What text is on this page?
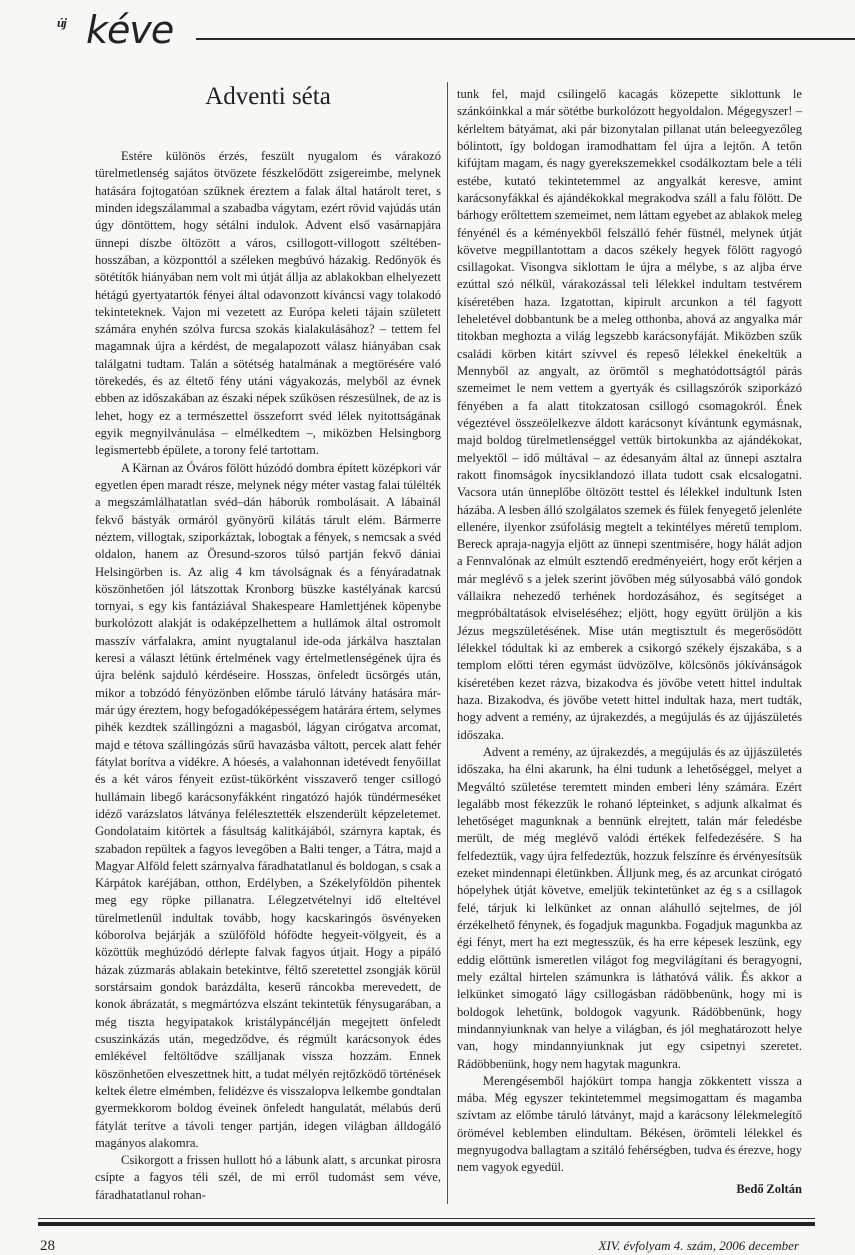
új kéve
Adventi séta

Estére különös érzés, feszült nyugalom és várakozó türelmetlenség sajátos ötvözete fészkelődött zsigereimbe, melynek hatására fojtogatóan szűknek éreztem a falak által határolt teret, s minden idegszálammal a szabadba vágytam, ezért rövid vajúdás után úgy döntöttem, hogy sétálni indulok. Advent első vasárnapjára ünnepi díszbe öltözött a város, csillogott-villogott széltében-hosszában, a központtól a széleken megbúvó házakig. Redőnyök és sötétítők hiányában nem volt mi útját állja az ablakokban elhelyezett hétágú gyertyatartók fényei által odavonzott kíváncsi vagy tolakodó tekinteteknek. Vajon mi vezetett az Európa keleti tájain született számára enyhén szólva furcsa szokás kialakulásához? – tettem fel magamnak újra a kérdést, de megalapozott válasz hiányában csak találgatni tudtam. Talán a sötétség hatalmának a megtörésére való törekedés, és az éltető fény utáni vágyakozás, melyből az évnek ebben az időszakában az északi népek szűkösen részesülnek, de az is lehet, hogy ez a természettel összeforrt svéd lélek nyitottságának egyik megnyilvánulása – elmélkedtem –, miközben Helsingborg legismertebb épülete, a torony felé tartottam.

A Kärnan az Óváros fölött húzódó dombra épített középkori vár egyetlen épen maradt része, melynek négy méter vastag falai túlélték a megszámlálhatatlan svéd–dán háborúk rombolásait. A lábainál fekvő bástyák ormáról gyönyörű kilátás tárult elém. Bármerre néztem, villogtak, sziporkáztak, lobogtak a fények, s nemcsak a svéd oldalon, hanem az Öresund-szoros túlsó partján fekvő dániai Helsingörben is. Az alig 4 km távolságnak és a fényáradatnak köszönhetően jól látszottak Kronborg büszke kastélyának karcsú tornyai, s egy kis fantáziával Shakespeare Hamlettjének köpenybe burkolózott alakját is odaképzelhettem a hullámok által ostromolt masszív várfalakra, amint nyugtalanul ide-oda járkálva hasztalan keresi a választ létünk értelmének vagy értelmetlenségének újra és újra belénk sajduló kérdéseire. Hosszas, önfeledt ücsörgés után, mikor a tobzódó fényözönben előmbe táruló látvány hatására már-már úgy éreztem, hogy befogadóképességem határára értem, selymes pihék kezdtek szállingózni a magasból, lágyan cirógatva arcomat, majd e tétova szállingózás sűrű havazásba váltott, percek alatt fehér fátylat borítva a vidékre. A hóesés, a valahonnan idetévedt fenyőillat és a két város fényeit ezüst-tükörként visszaverő tenger csillogó hullámain libegő karácsonyfákként ringatózó hajók tündérmeséket idéző varázslatos látványa felélesztették elszenderült képzeletemet. Gondolataim kitörtek a fásultság kalitkájából, szárnyra kaptak, és szabadon repültek a fagyos levegőben a Balti tenger, a Tátra, majd a Magyar Alföld felett szárnyalva fáradhatatlanul és boldogan, s csak a Kárpátok karéjában, otthon, Erdélyben, a Székelyföldön pihentek meg egy röpke pillanatra. Lélegzetvételnyi idő elteltével türelmetlenül indultak tovább, hogy kacskaringós ösvényeken kóborolva bejárják a szülőföld hófödte hegyeit-völgyeit, és a közöttük meghúzódó dérlepte falvak fagyos útjait. Hogy a pipáló házak zúzmarás ablakain betekintve, féltő szeretettel zsongják körül sorstársaim gondok barázdálta, keserű ráncokba merevedett, de konok ábrázatát, s megmártózva elszánt tekintetük fénysugarában, a még tiszta hegyipatakok kristálypáncélján megejtett önfeledt csuszinkázás után, megedződve, és régmúlt karácsonyok édes emlékével feltöltődve szálljanak vissza hozzám. Ennek köszönhetően elveszettnek hitt, a tudat mélyén rejtőzködő történések keltek életre elmémben, felidézve és visszalopva lelkembe gondtalan gyermekkorom boldog éveinek önfeledt hangulatát, mélabús derű fátylát terítve a távoli tenger partján, idegen világban álldogáló magányos alakomra.

Csikorgott a frissen hullott hó a lábunk alatt, s arcunkat pirosra csípte a fagyos téli szél, de mi erről tudomást sem véve, fáradhatatlanul rohan-

tunk fel, majd csilingelő kacagás közepette siklottunk le szánkóinkkal a már sötétbe burkolózott hegyoldalon. Mégegyszer! – kérleltem bátyámat, aki pár bizonytalan pillanat után beleegyezőleg bólintott, így boldogan iramodhattam fel újra a lejtőn. A tetőn kifújtam magam, és nagy gyerekszemekkel csodálkoztam bele a téli estébe, kutató tekintetemmel az angyalkát keresve, amint karácsonyfákkal és ajándékokkal megrakodva száll a falu fölött. De bárhogy erőltettem szemeimet, nem láttam egyebet az ablakok meleg fényénél és a kéményekből felszálló fehér füstnél, melynek útját követve megpillantottam a dacos székely hegyek fölött ragyogó csillagokat. Visongva siklottam le újra a mélybe, s az aljba érve ezúttal szó nélkül, várakozással teli lélekkel indultam testvérem kíséretében haza. Izgatottan, kipirult arcunkon a tél fagyott leheletével dobbantunk be a meleg otthonba, ahová az angyalka már titokban meghozta a világ legszebb karácsonyfáját. Miközben szűk családi körben kitárt szívvel és repeső lélekkel énekeltük a Mennyből az angyalt, az örömtől s meghatódottságtól párás szemeimet le nem vettem a gyertyák és csillagszórók sziporkázó fényében a fa alatt titokzatosan csillogó csomagokról. Ének végeztével összeölelkezve áldott karácsonyt kívántunk egymásnak, majd boldog türelmetlenséggel vettük birtokunkba az ajándékokat, melyektől – idő múltával – az édesanyám által az ünnepi asztalra rakott finomságok ínycsiklandozó illata tudott csak elcsalogatni. Vacsora után ünneplőbe öltözött testtel és lélekkel indultunk Isten házába. A lesben álló szolgálatos szemek és fülek fenyegető jelenléte ellenére, ilyenkor zsúfolásig megtelt a tekintélyes méretű templom. Bereck apraja-nagyja eljött az ünnepi szentmisére, hogy hálát adjon a Fennvalónak az elmúlt esztendő eredményeiért, hogy erőt kérjen a már meglévő s a jelek szerint jövőben még súlyosabbá váló gondok vállaikra nehezedő terhének hordozásához, és segítséget a megpróbáltatások elviseléséhez; eljött, hogy együtt örüljön a kis Jézus megszületésének. Mise után megtisztult és megerősödött lélekkel tódultak ki az emberek a csikorgó székely éjszakába, s a templom előtti téren egymást üdvözölve, kölcsönös jókívánságok kíséretében kezet rázva, bizakodva és jövőbe vetett hittel indultak haza. Bizakodva, és jövőbe vetett hittel indultak haza, mert tudták, hogy advent a remény, az újrakezdés, a megújulás és az újjászületés időszaka.

Advent a remény, az újrakezdés, a megújulás és az újjászületés időszaka, ha élni akarunk, ha élni tudunk a lehetőséggel, melyet a Megváltó születése teremtett minden emberi lény számára. Ezért legalább most fékezzük le rohanó lépteinket, s adjunk alkalmat és lehetőséget magunknak a bennünk elrejtett, talán már feledésbe merült, de még meglévő valódi értékek felfedezésére. S ha felfedeztük, vagy újra felfedeztük, hozzuk felszínre és érvényesítsük ezeket mindennapi életünkben. Álljunk meg, és az arcunkat cirógató hópelyhek útját követve, emeljük tekintetünket az ég s a csillagok felé, tárjuk ki lelkünket az onnan aláhulló sejtelmes, de jól érzékelhető fénynek, és fogadjuk magunkba. Fogadjuk magunkba az égi fényt, mert ha ezt megtesszük, és ha erre képesek leszünk, egy eddig előttünk ismeretlen világot fog megvilágítani és beragyogni, mely ezáltal hirtelen számunkra is láthatóvá válik. És akkor a lelkünket simogató lágy csillogásban rádöbbenünk, hogy mi is boldogok lehetünk, boldogok vagyunk. Rádöbbenünk, hogy mindannyiunknak van helye a világban, és jól meghatározott helye van, hogy mindannyiunknak jut egy csipetnyi szeretet. Rádöbbenünk, hogy nem hagytak magunkra.

Merengésemből hajókürt tompa hangja zökkentett vissza a mába. Még egyszer tekintetemmel megsimogattam és magamba szívtam az előmbe táruló látványt, majd a karácsony lélekmelegítő örömével keblemben elindultam. Békésen, örömteli lélekkel és megnyugodva ballagtam a szitáló fehérségben, tudva és érezve, hogy nem vagyok egyedül.

Bedő Zoltán
28	XIV. évfolyam 4. szám, 2006 december
